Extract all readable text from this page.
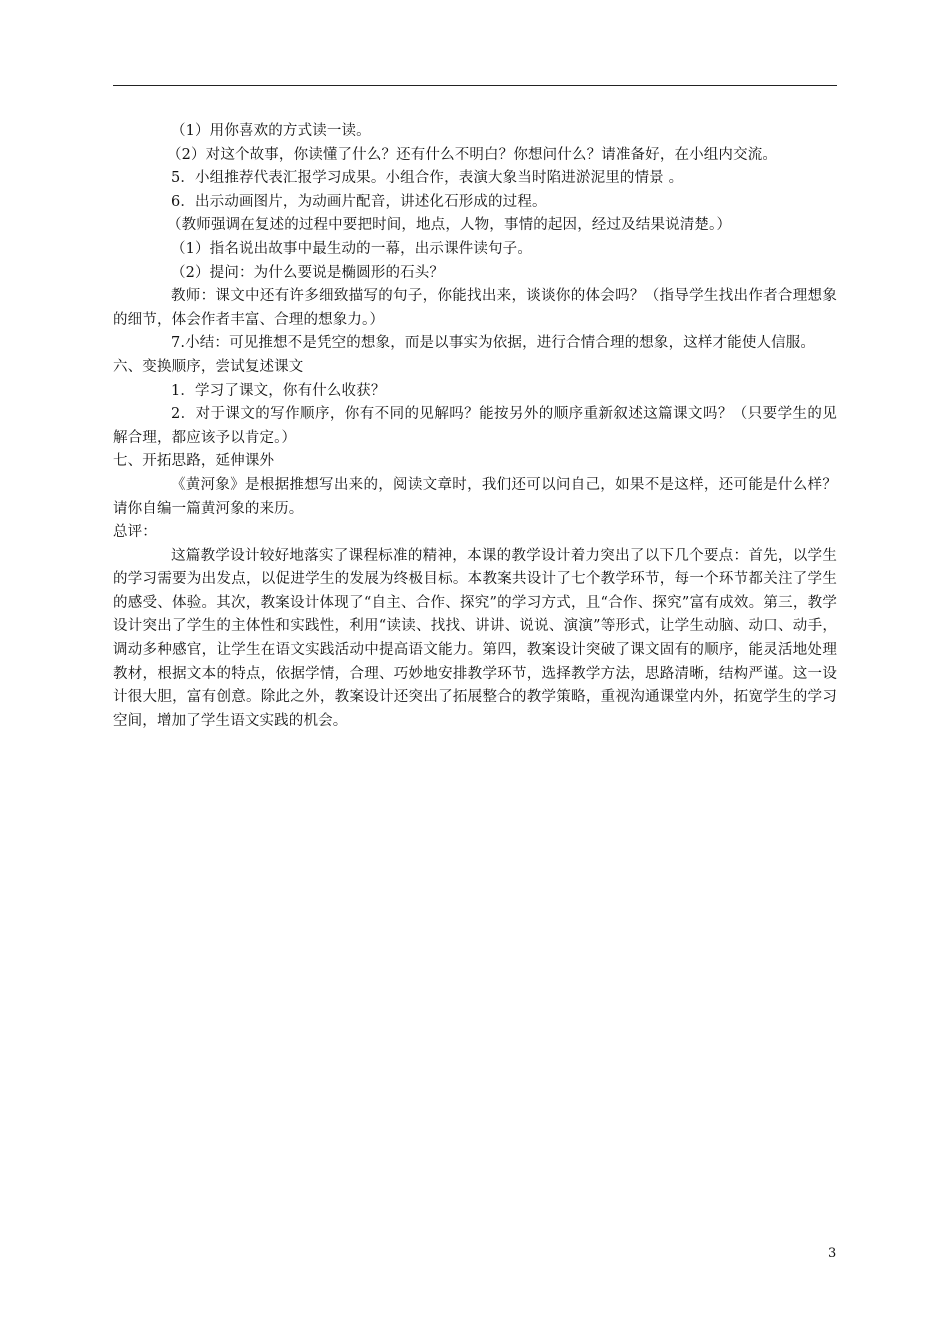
（1）用你喜欢的方式读一读。

（2）对这个故事，你读懂了什么？还有什么不明白？你想问什么？请准备好，在小组内交流。

5．小组推荐代表汇报学习成果。小组合作，表演大象当时陷进淤泥里的情景 。

6．出示动画图片，为动画片配音，讲述化石形成的过程。

（教师强调在复述的过程中要把时间，地点，人物，事情的起因，经过及结果说清楚。）

（1）指名说出故事中最生动的一幕，出示课件读句子。

（2）提问：为什么要说是椭圆形的石头？

教师：课文中还有许多细致描写的句子，你能找出来，谈谈你的体会吗？（指导学生找出作者合理想象的细节，体会作者丰富、合理的想象力。）

7.小结：可见推想不是凭空的想象，而是以事实为依据，进行合情合理的想象，这样才能使人信服。

六、变换顺序，尝试复述课文

1．学习了课文，你有什么收获？

2．对于课文的写作顺序，你有不同的见解吗？能按另外的顺序重新叙述这篇课文吗？（只要学生的见解合理，都应该予以肯定。）

七、开拓思路，延伸课外

《黄河象》是根据推想写出来的，阅读文章时，我们还可以问自己，如果不是这样，还可能是什么样？请你自编一篇黄河象的来历。

总评：

这篇教学设计较好地落实了课程标准的精神，本课的教学设计着力突出了以下几个要点：首先，以学生的学习需要为出发点，以促进学生的发展为终极目标。本教案共设计了七个教学环节，每一个环节都关注了学生的感受、体验。其次，教案设计体现了“自主、合作、探究”的学习方式，且“合作、探究”富有成效。第三，教学设计突出了学生的主体性和实践性，利用“读读、找找、讲讲、说说、演演”等形式，让学生动脑、动口、动手，调动多种感官，让学生在语文实践活动中提高语文能力。第四，教案设计突破了课文固有的顺序，能灵活地处理教材，根据文本的特点，依据学情，合理、巧妙地安排教学环节，选择教学方法，思路清晰，结构严谨。这一设计很大胆，富有创意。除此之外，教案设计还突出了拓展整合的教学策略，重视沟通课堂内外，拓宽学生的学习空间，增加了学生语文实践的机会。

3
